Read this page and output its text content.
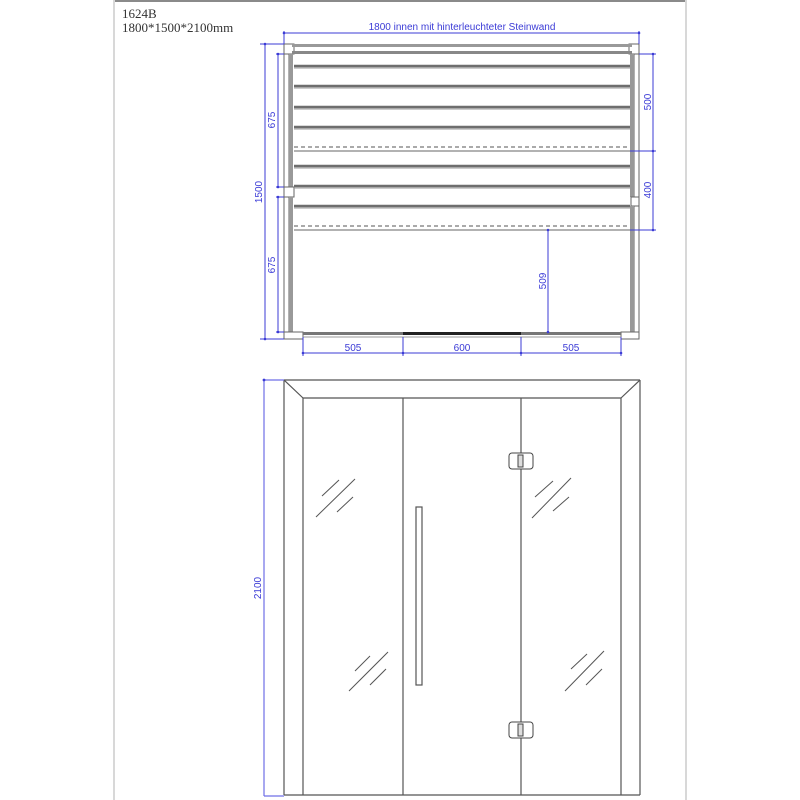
1624B
1800*1500*2100mm	1800 innen mit hinterleuchteter Steinwand
1500
675
675
500
400
509
505	600	505
2100
